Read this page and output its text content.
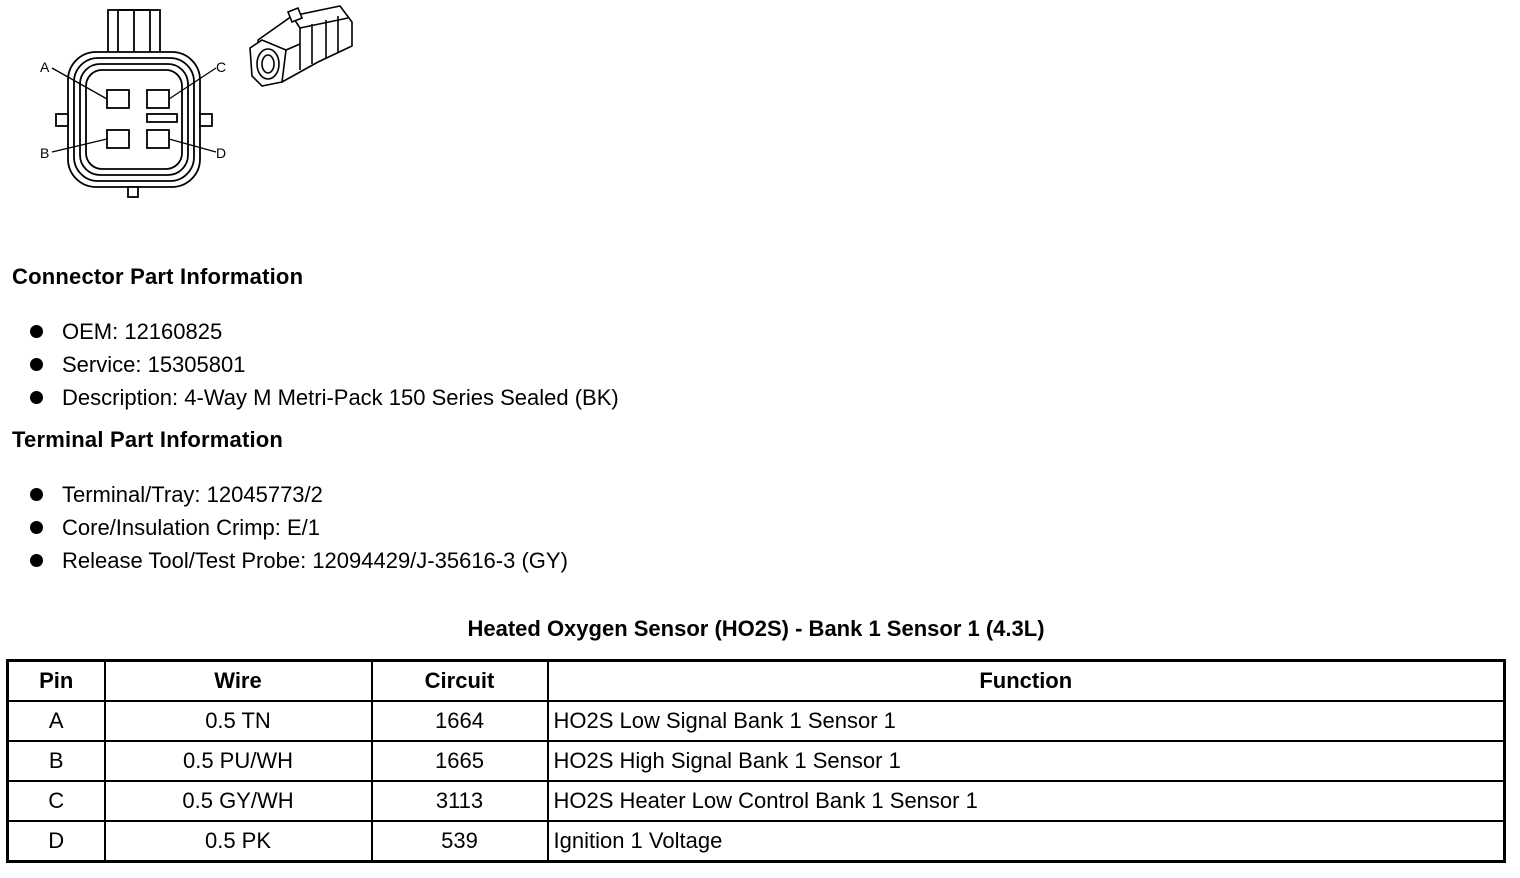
A
B
C
D
Connector Part Information
OEM: 12160825
Service: 15305801
Description: 4-Way M Metri-Pack 150 Series Sealed (BK)
Terminal Part Information
Terminal/Tray: 12045773/2
Core/Insulation Crimp: E/1
Release Tool/Test Probe: 12094429/J-35616-3 (GY)
Heated Oxygen Sensor (HO2S) - Bank 1 Sensor 1 (4.3L)
Pin	Wire	Circuit	Function
A	0.5 TN	1664	HO2S Low Signal Bank 1 Sensor 1
B	0.5 PU/WH	1665	HO2S High Signal Bank 1 Sensor 1
C	0.5 GY/WH	3113	HO2S Heater Low Control Bank 1 Sensor 1
D	0.5 PK	539	Ignition 1 Voltage
